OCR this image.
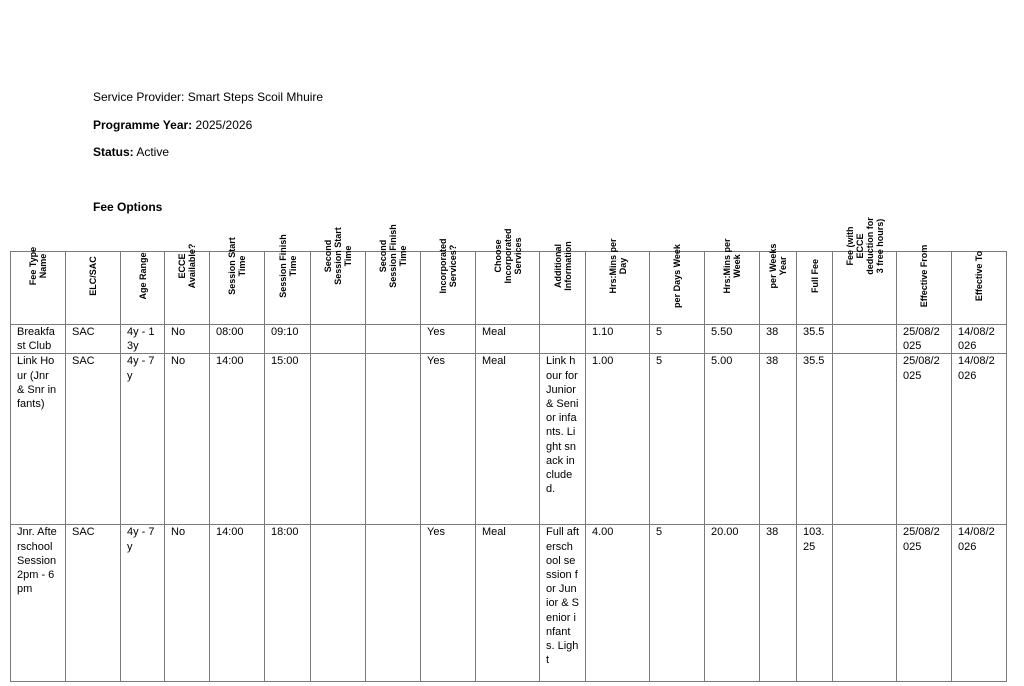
Service Provider: Smart Steps Scoil Mhuire
Programme Year: 2025/2026
Status: Active
Fee Options
Fee Type Name	ELC/SAC	Age Range	ECCE Available?	Session Start Time	Session Finish Time	Second Session Start Time	Second Session Finish Time	Incorporated Services?	Choose Incorporated Services	Additional Information	Hrs:Mins per Day	per Days Week	Hrs:Mins per Week	per Weeks Year	Full Fee	Fee (with ECCE deduction for 3 free hours)	Effective From	Effective To

Breakfast Club	SAC	4y - 13y	No	08:00	09:10			Yes	Meal		1.10	5	5.50	38	35.5		25/08/2025	14/08/2026

Link Hour (Jnr & Snr infants)	SAC	4y - 7y	No	14:00	15:00			Yes	Meal	Link hour for Junior & Senior infants. Light snack included.	1.00	5	5.00	38	35.5		25/08/2025	14/08/2026

Jnr. Afterschool Session 2pm - 6pm	SAC	4y - 7y	No	14:00	18:00			Yes	Meal	Full afterschool session for Junior & Senior infants. Light	4.00	5	20.00	38	103.25		25/08/2025	14/08/2026
